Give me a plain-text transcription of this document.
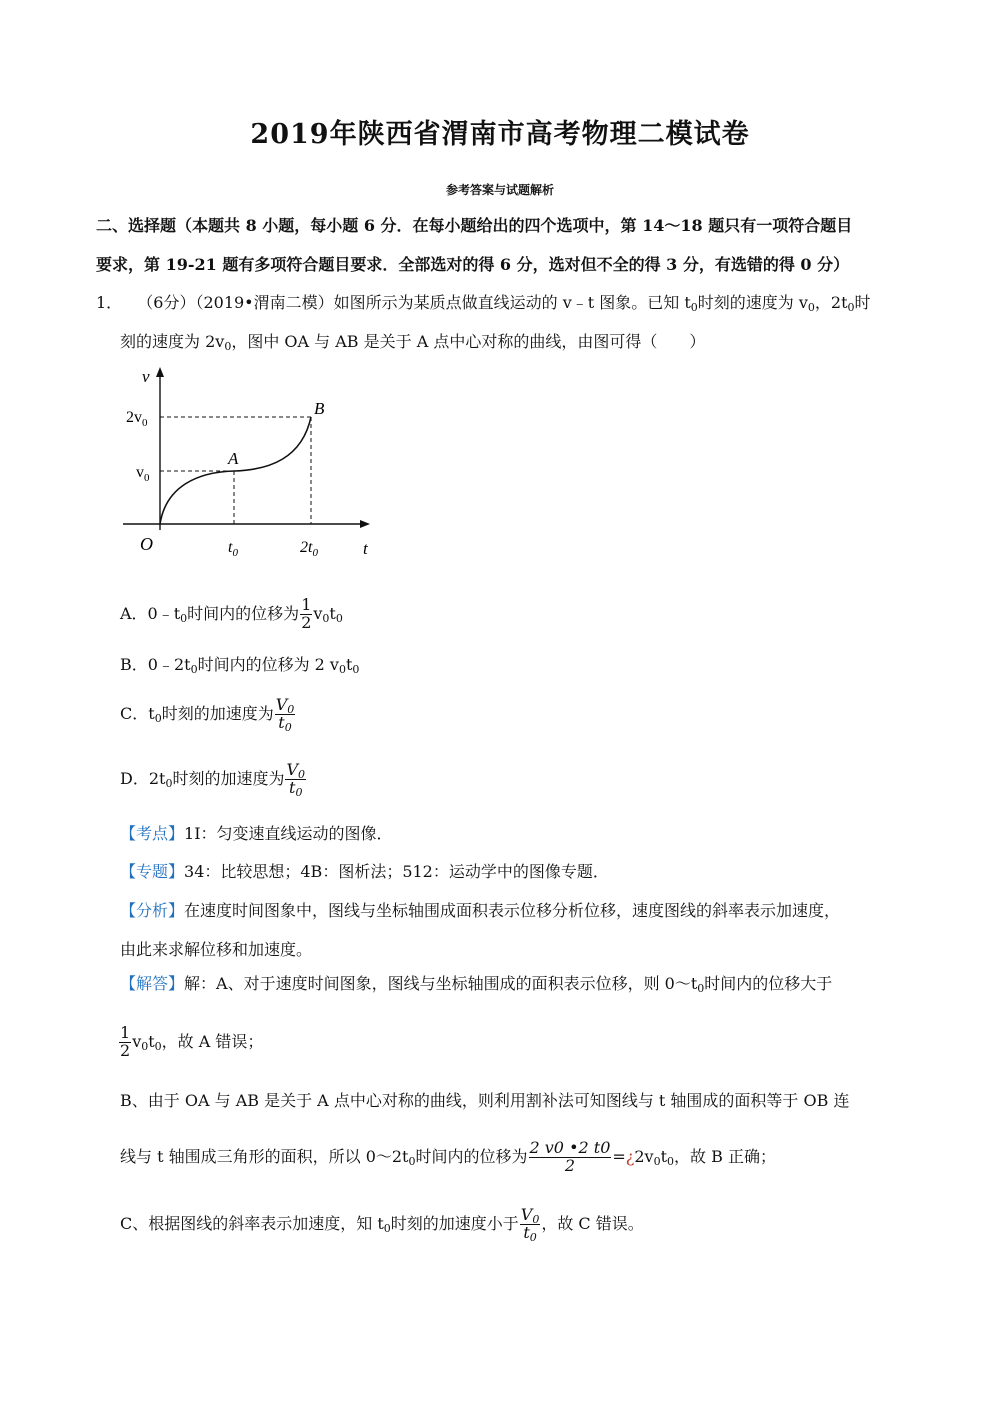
2019年陕西省渭南市高考物理二模试卷
参考答案与试题解析
二、选择题（本题共 8 小题，每小题 6 分．在每小题给出的四个选项中，第 14～18 题只有一项符合题目
要求，第 19-21 题有多项符合题目要求．全部选对的得 6 分，选对但不全的得 3 分，有选错的得 0 分）
1． （6分）（2019•渭南二模）如图所示为某质点做直线运动的 v﹣t 图象。已知 $t_0$时刻的速度为 $v_0$，$2t_0$时
刻的速度为 $2v_0$，图中 OA 与 AB 是关于 A 点中心对称的曲线，由图可得（　　）
v
t
O
$2v_0$
$v_0$
$t_0$	$2t_0$
A
B
A．$0﹣t_0$时间内的位移为 $\frac{1}{2} v_0t_0$
B．$0﹣2t_0$时间内的位移为 2 $v_0t_0$
C．$t_0$时刻的加速度为 $\frac{V_0}{t_0}$
D．$2t_0$时刻的加速度为 $\frac{V_0}{t_0}$
【考点】1I：匀变速直线运动的图像．
【专题】34：比较思想；4B：图析法；512：运动学中的图像专题．
【分析】在速度时间图象中，图线与坐标轴围成面积表示位移分析位移，速度图线的斜率表示加速度，
由此来求解位移和加速度。
【解答】解：A、对于速度时间图象，图线与坐标轴围成的面积表示位移，则 $0\sim t_0$时间内的位移大于
$\frac{1}{2} v_0t_0$，故 A 错误；
B、由于 OA 与 AB 是关于 A 点中心对称的曲线，则利用割补法可知图线与 t 轴围成的面积等于 OB 连
线与 t 轴围成三角形的面积，所以 $0\sim 2t_0$时间内的位移为 $\frac{2 v0 •2 t0}{2}$ $=¿2v_0t_0$，故 B 正确；
C、根据图线的斜率表示加速度，知 $t_0$时刻的加速度小于 $\frac{V_0}{t_0}$ ，故 C 错误。
